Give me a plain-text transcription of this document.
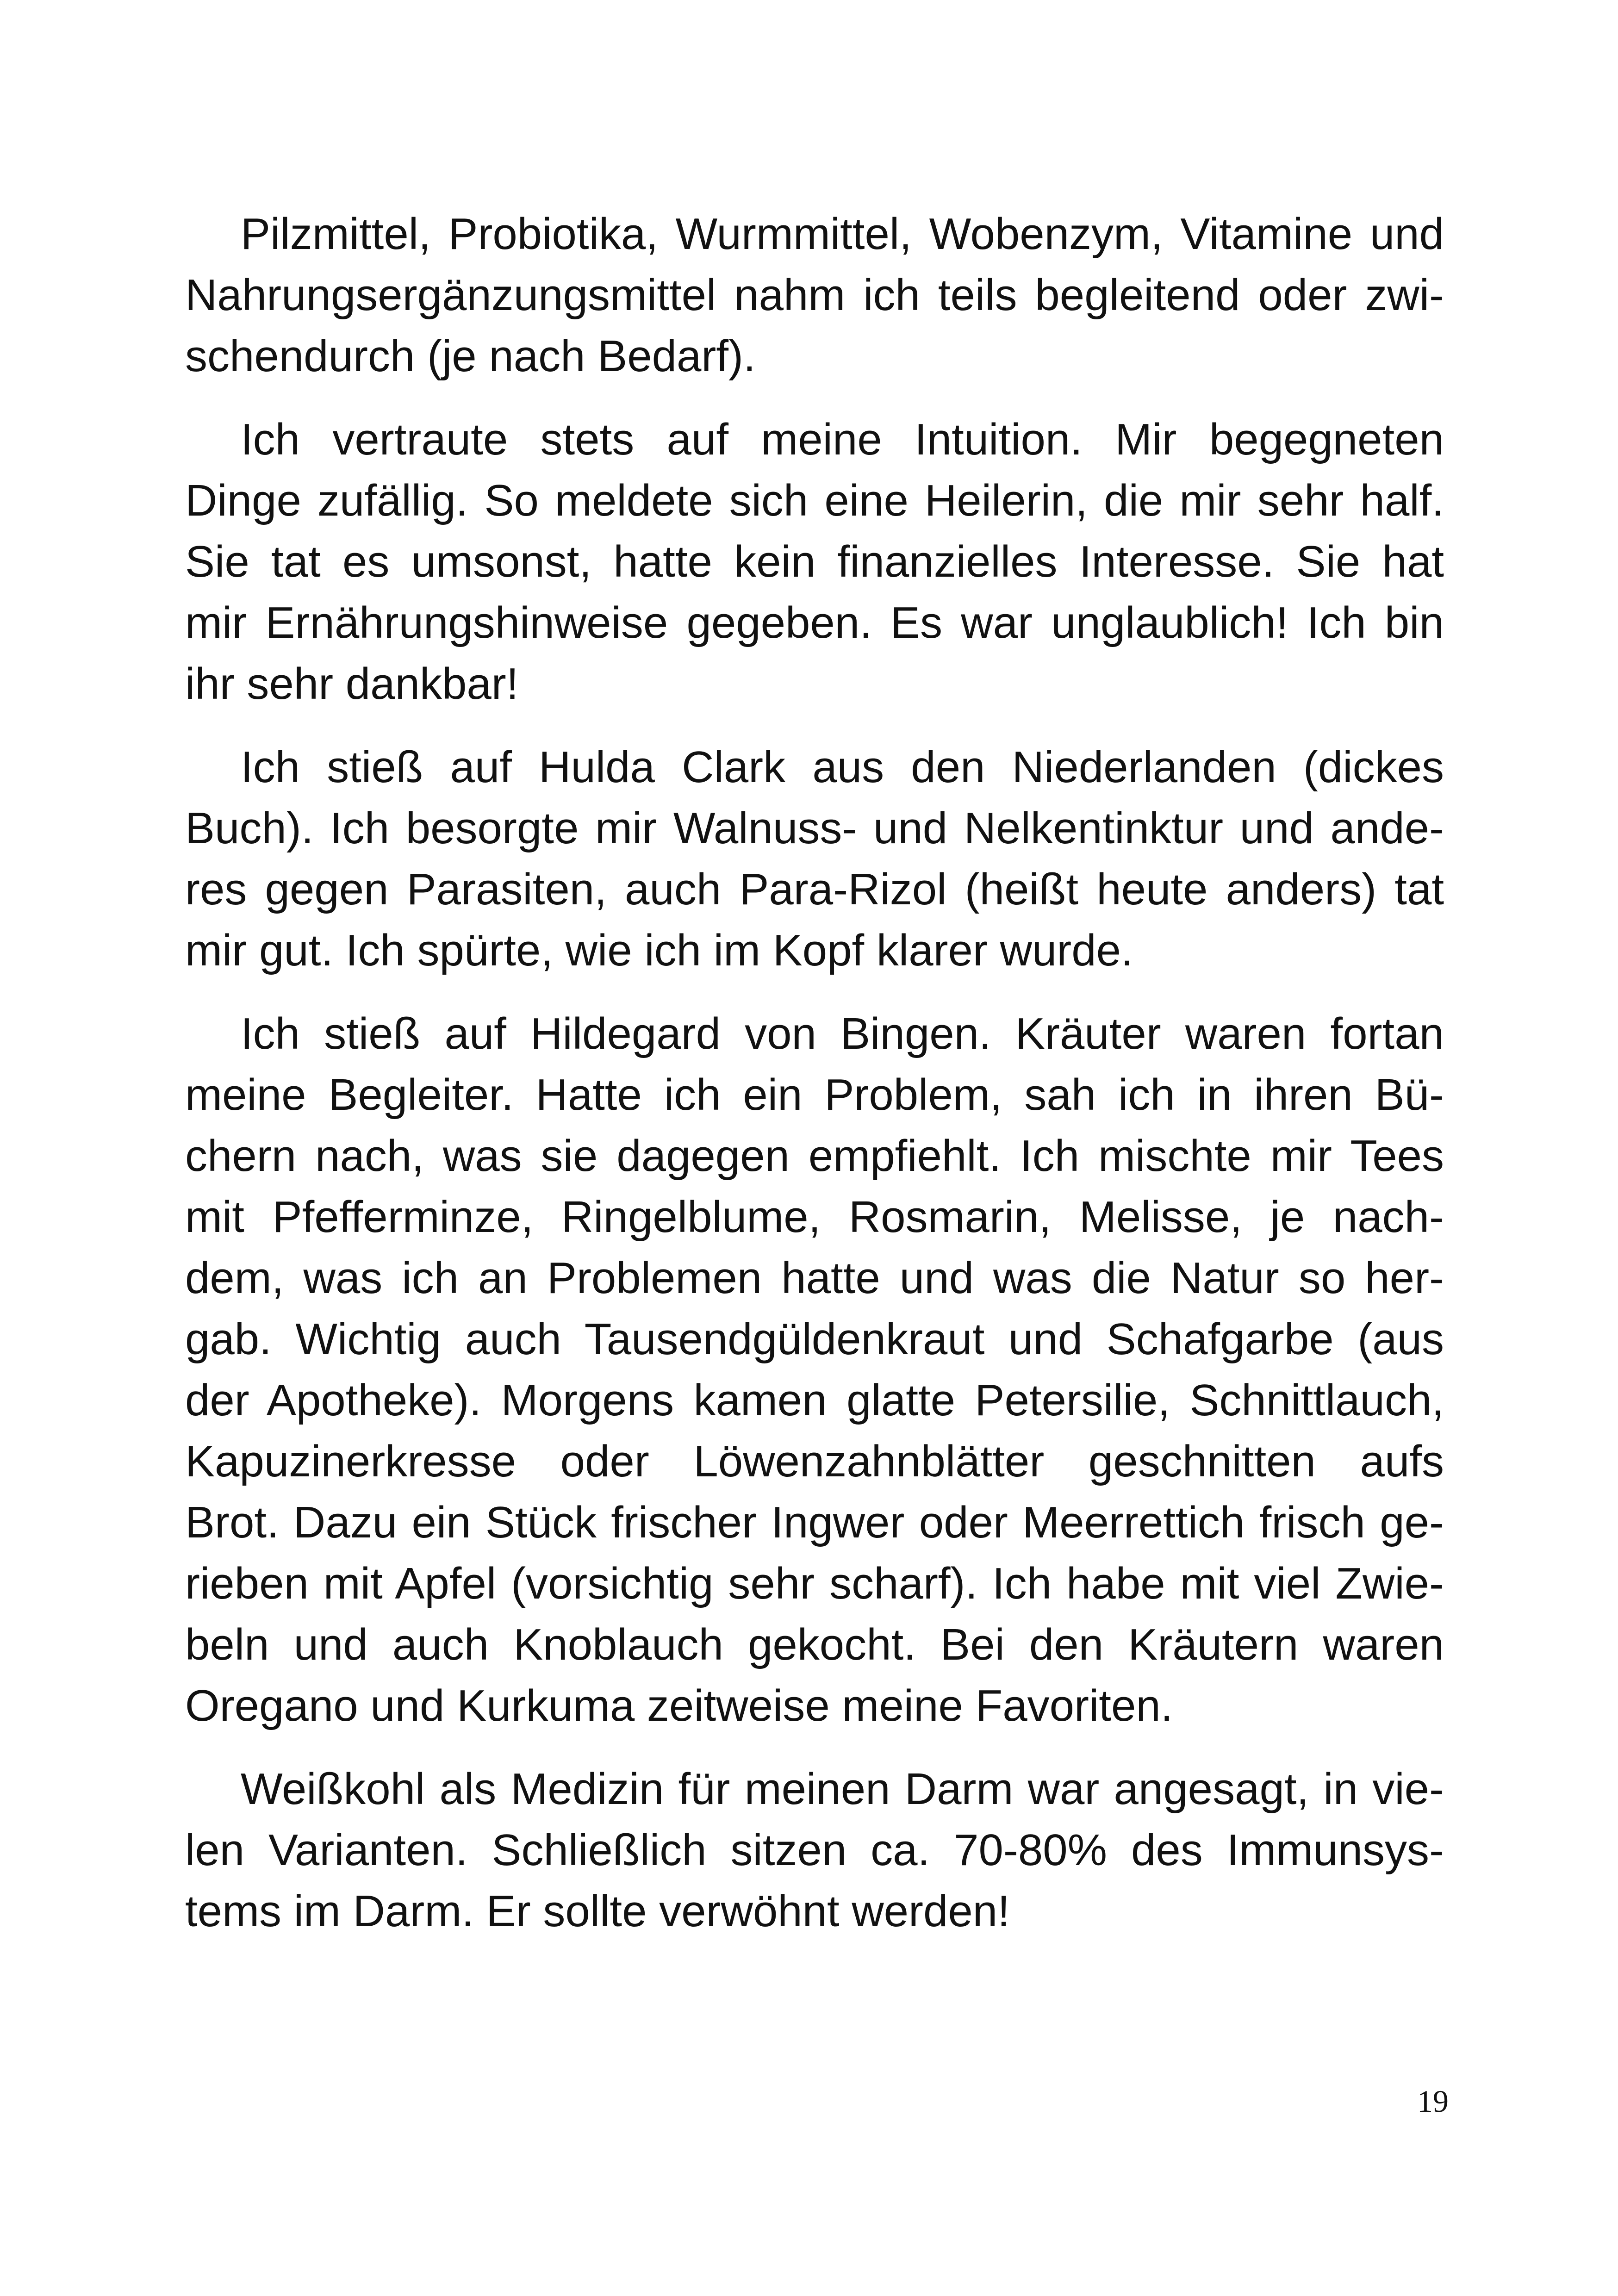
Pilzmittel, Probiotika, Wurmmittel, Wobenzym, Vitamine und
Nahrungsergänzungsmittel nahm ich teils begleitend oder zwi-
schendurch (je nach Bedarf).
Ich vertraute stets auf meine Intuition. Mir begegneten
Dinge zufällig. So meldete sich eine Heilerin, die mir sehr half.
Sie tat es umsonst, hatte kein finanzielles Interesse. Sie hat
mir Ernährungshinweise gegeben. Es war unglaublich! Ich bin
ihr sehr dankbar!
Ich stieß auf Hulda Clark aus den Niederlanden (dickes
Buch). Ich besorgte mir Walnuss- und Nelkentinktur und ande-
res gegen Parasiten, auch Para-Rizol (heißt heute anders) tat
mir gut. Ich spürte, wie ich im Kopf klarer wurde.
Ich stieß auf Hildegard von Bingen. Kräuter waren fortan
meine Begleiter. Hatte ich ein Problem, sah ich in ihren Bü-
chern nach, was sie dagegen empfiehlt. Ich mischte mir Tees
mit Pfefferminze, Ringelblume, Rosmarin, Melisse, je nach-
dem, was ich an Problemen hatte und was die Natur so her-
gab. Wichtig auch Tausendgüldenkraut und Schafgarbe (aus
der Apotheke). Morgens kamen glatte Petersilie, Schnittlauch,
Kapuzinerkresse oder Löwenzahnblätter geschnitten aufs
Brot. Dazu ein Stück frischer Ingwer oder Meerrettich frisch ge-
rieben mit Apfel (vorsichtig sehr scharf). Ich habe mit viel Zwie-
beln und auch Knoblauch gekocht. Bei den Kräutern waren
Oregano und Kurkuma zeitweise meine Favoriten.
Weißkohl als Medizin für meinen Darm war angesagt, in vie-
len Varianten. Schließlich sitzen ca. 70-80% des Immunsys-
tems im Darm. Er sollte verwöhnt werden!
19
